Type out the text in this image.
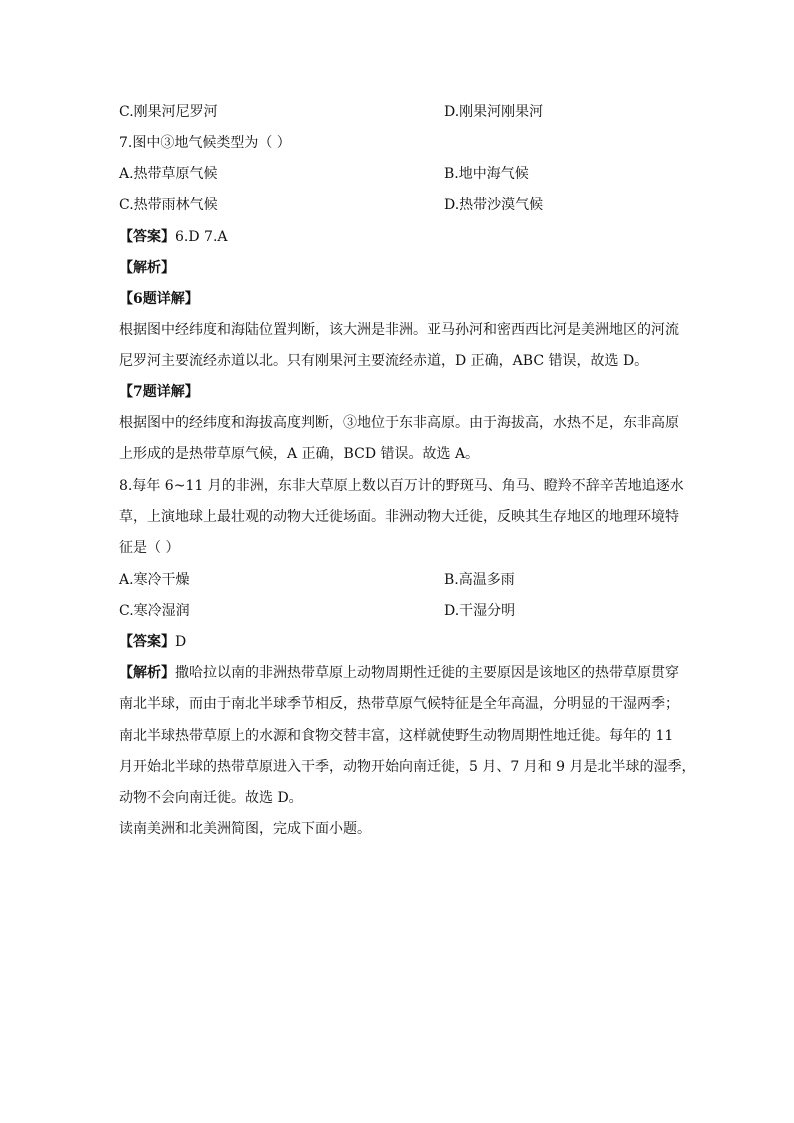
C.刚果河尼罗河	D.刚果河刚果河
7.图中③地气候类型为（ ）
A.热带草原气候	B.地中海气候
C.热带雨林气候	D.热带沙漠气候
【答案】6.D 7.A
【解析】
【6题详解】
根据图中经纬度和海陆位置判断，该大洲是非洲。亚马孙河和密西西比河是美洲地区的河流
尼罗河主要流经赤道以北。只有刚果河主要流经赤道，D 正确，ABC 错误，故选 D。
【7题详解】
根据图中的经纬度和海拔高度判断，③地位于东非高原。由于海拔高，水热不足，东非高原
上形成的是热带草原气候，A 正确，BCD 错误。故选 A。
8.每年 6~11 月的非洲，东非大草原上数以百万计的野斑马、角马、瞪羚不辞辛苦地追逐水
草，上演地球上最壮观的动物大迁徙场面。非洲动物大迁徙，反映其生存地区的地理环境特
征是（ ）
A.寒冷干燥	B.高温多雨
C.寒冷湿润	D.干湿分明
【答案】D
【解析】撒哈拉以南的非洲热带草原上动物周期性迁徙的主要原因是该地区的热带草原贯穿
南北半球，而由于南北半球季节相反，热带草原气候特征是全年高温，分明显的干湿两季；
南北半球热带草原上的水源和食物交替丰富，这样就使野生动物周期性地迁徙。每年的 11
月开始北半球的热带草原进入干季，动物开始向南迁徙，5 月、7 月和 9 月是北半球的湿季，
动物不会向南迁徙。故选 D。
读南美洲和北美洲简图，完成下面小题。
